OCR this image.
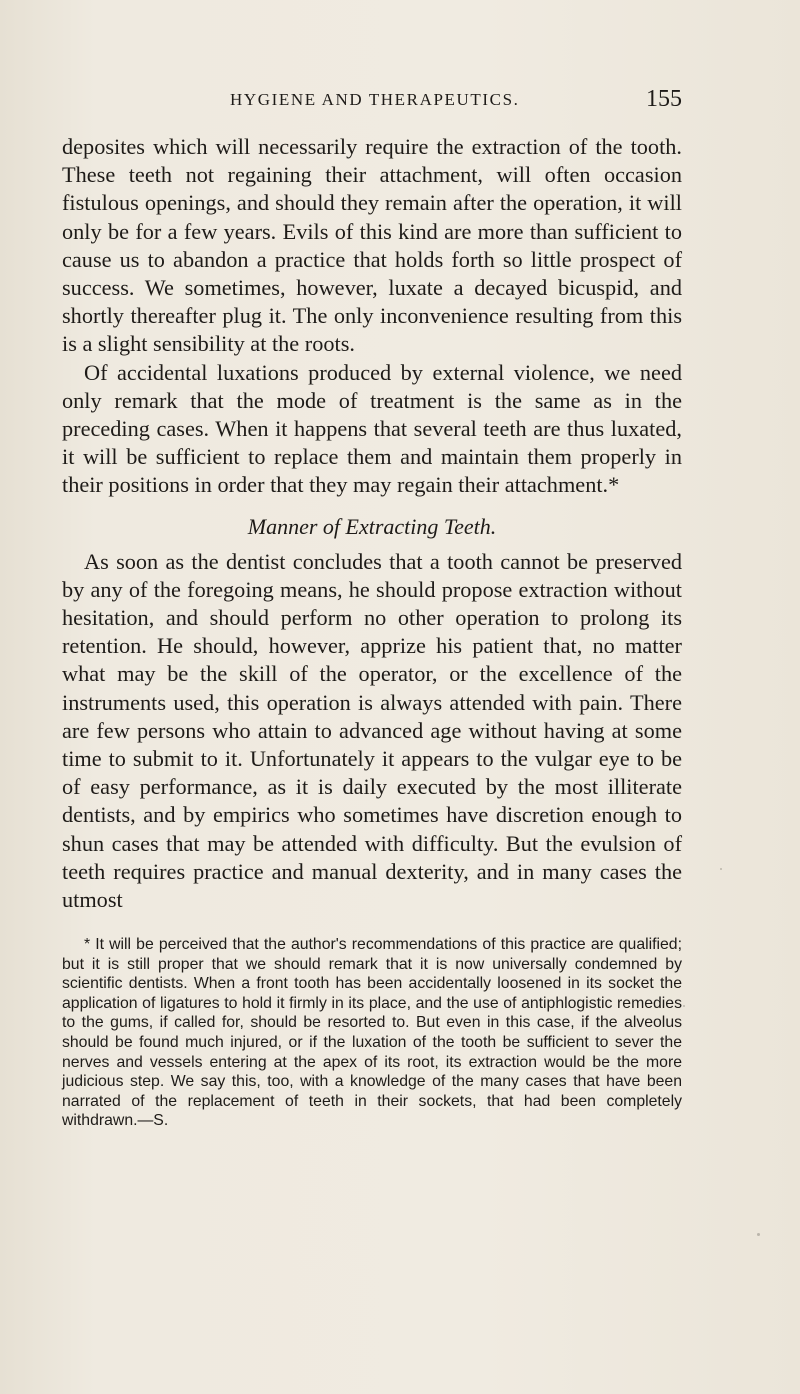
HYGIENE AND THERAPEUTICS.	155

deposites which will necessarily require the extraction of the tooth. These teeth not regaining their attachment, will often occasion fistulous openings, and should they remain after the operation, it will only be for a few years. Evils of this kind are more than sufficient to cause us to abandon a practice that holds forth so little prospect of success. We sometimes, however, luxate a decayed bicuspid, and shortly thereafter plug it. The only inconvenience resulting from this is a slight sensibility at the roots.

Of accidental luxations produced by external violence, we need only remark that the mode of treatment is the same as in the preceding cases. When it happens that several teeth are thus luxated, it will be sufficient to replace them and maintain them properly in their positions in order that they may regain their attachment.*

Manner of Extracting Teeth.

As soon as the dentist concludes that a tooth cannot be preserved by any of the foregoing means, he should propose extraction without hesitation, and should perform no other operation to prolong its retention. He should, however, apprize his patient that, no matter what may be the skill of the operator, or the excellence of the instruments used, this operation is always attended with pain. There are few persons who attain to advanced age without having at some time to submit to it. Unfortunately it appears to the vulgar eye to be of easy performance, as it is daily executed by the most illiterate dentists, and by empirics who sometimes have discretion enough to shun cases that may be attended with difficulty. But the evulsion of teeth requires practice and manual dexterity, and in many cases the utmost

* It will be perceived that the author's recommendations of this practice are qualified; but it is still proper that we should remark that it is now universally condemned by scientific dentists. When a front tooth has been accidentally loosened in its socket the application of ligatures to hold it firmly in its place, and the use of antiphlogistic remedies to the gums, if called for, should be resorted to. But even in this case, if the alveolus should be found much injured, or if the luxation of the tooth be sufficient to sever the nerves and vessels entering at the apex of its root, its extraction would be the more judicious step. We say this, too, with a knowledge of the many cases that have been narrated of the replacement of teeth in their sockets, that had been completely withdrawn.—S.
